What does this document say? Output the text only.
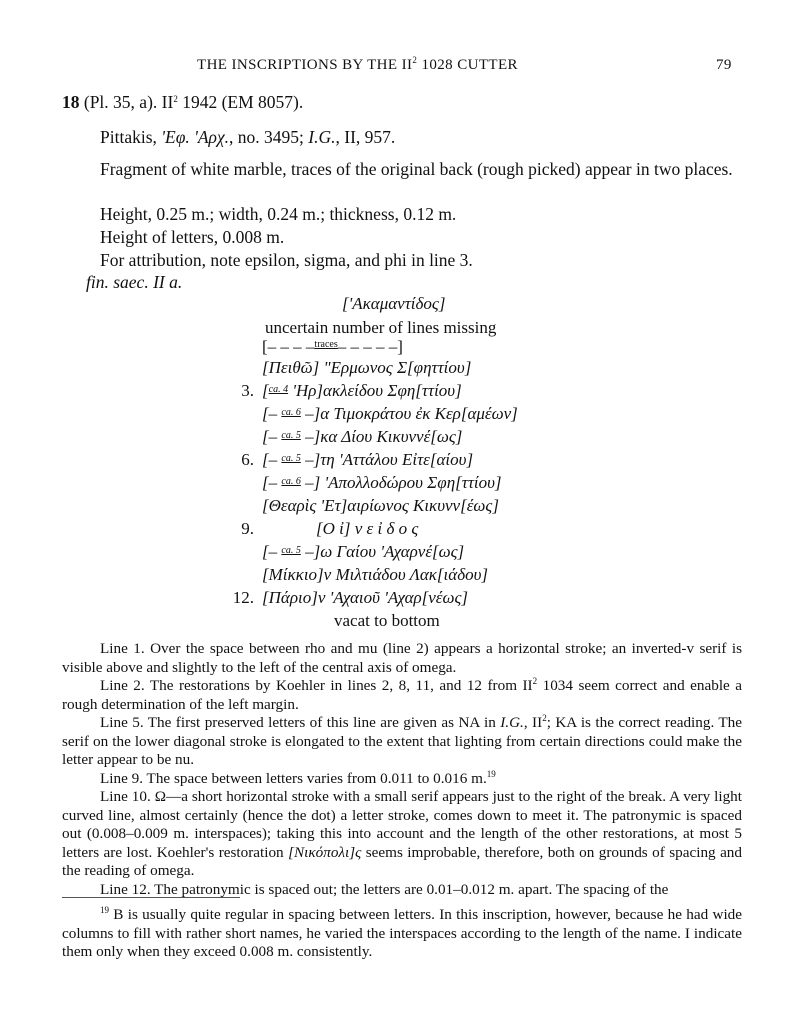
THE INSCRIPTIONS BY THE $II^2$ 1028 CUTTER	79
18 (Pl. 35, a). $II^2$ 1942 (EM 8057).
Pittakis, 'Εφ. 'Αρχ., no. 3495; I.G., II, 957.
Fragment of white marble, traces of the original back (rough picked) appear in two places.
Height, 0.25 m.; width, 0.24 m.; thickness, 0.12 m.
Height of letters, 0.008 m.
For attribution, note epsilon, sigma, and phi in line 3.
fin. saec. II a.
['Ακαμαντίδος]
uncertain number of lines missing
[– – – –$^{traces}$– – – – –]
[Πειθῶ] "Ερμωνος Σ[φηττίου]
3. [$^{ca. 4}$ 'Ηρ]ακλείδου Σφη[ττίου]
[– $^{ca. 6}$ –]α Τιμοκράτου ἐκ Κερ[αμέων]
[– $^{ca. 5}$ –]κα Δίου Κικυννέ[ως]
6. [– $^{ca. 5}$ –]τη 'Αττάλου Εἰτε[αίου]
[– $^{ca. 6}$ –] 'Απολλοδώρου Σφη[ττίου]
[Θεαρὶς 'Ετ]αιρίωνος Κικυνν[έως]
9.	[Ο ἰ] ν ε ἰ δ ο ς
[– $^{ca. 5}$ –]ω Γαίου 'Αχαρνέ[ως]
[Μίκκιο]ν Μιλτιάδου Λακ[ιάδου]
12. [Πάριο]ν 'Αχαιοῦ 'Αχαρ[νέως]
vacat to bottom

Line 1. Over the space between rho and mu (line 2) appears a horizontal stroke; an inverted-v serif is visible above and slightly to the left of the central axis of omega.

Line 2. The restorations by Koehler in lines 2, 8, 11, and 12 from $II^2$ 1034 seem correct and enable a rough determination of the left margin.

Line 5. The first preserved letters of this line are given as NA in I.G., $II^2$; KA is the correct reading. The serif on the lower diagonal stroke is elongated to the extent that lighting from certain directions could make the letter appear to be nu.

Line 9. The space between letters varies from 0.011 to 0.016 m.$^{19}$

Line 10. Ω—a short horizontal stroke with a small serif appears just to the right of the break. A very light curved line, almost certainly (hence the dot) a letter stroke, comes down to meet it. The patronymic is spaced out (0.008–0.009 m. interspaces); taking this into account and the length of the other restorations, at most 5 letters are lost. Koehler's restoration [Νικόπολι]ς seems improbable, therefore, both on grounds of spacing and the reading of omega.

Line 12. The patronymic is spaced out; the letters are 0.01–0.012 m. apart. The spacing of the

$^{19}$ B is usually quite regular in spacing between letters. In this inscription, however, because he had wide columns to fill with rather short names, he varied the interspaces according to the length of the name. I indicate them only when they exceed 0.008 m. consistently.
